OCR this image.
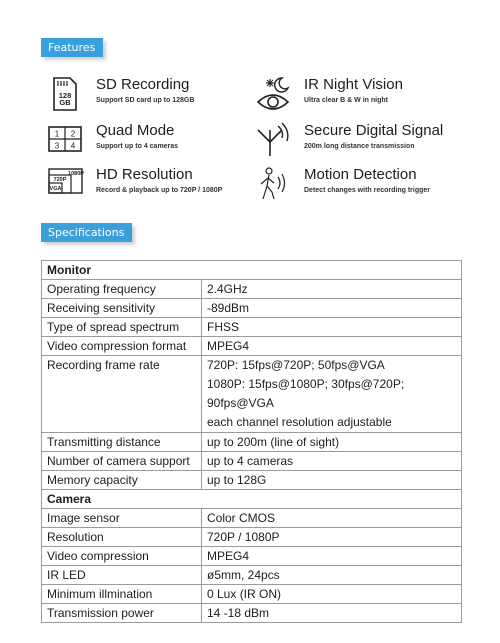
Features
128
GB
SD Recording
Support SD card up to 128GB
1 2
3 4
Quad Mode
Support up to 4 cameras
1080P
720P
VGA
HD Resolution
Record & playback up to 720P / 1080P
IR Night Vision
Ultra clear B & W in night
Secure Digital Signal
200m long distance transmission
Motion Detection
Detect changes with recording trigger
Specifications
Monitor	
Operating frequency	2.4GHz
Receiving sensitivity	-89dBm
Type of spread spectrum	FHSS
Video compression format	MPEG4
Recording frame rate	720P: 15fps@720P; 50fps@VGA
1080P: 15fps@1080P; 30fps@720P; 90fps@VGA
each channel resolution adjustable

Transmitting distance	up to 200m (line of sight)
Number of camera support	up to 4 cameras
Memory capacity	up to 128G
Camera	
Image sensor	Color CMOS
Resolution	720P / 1080P
Video compression	MPEG4
IR LED	ø5mm, 24pcs
Minimum illmination	0 Lux (IR ON)
Transmission power	14 -18 dBm
